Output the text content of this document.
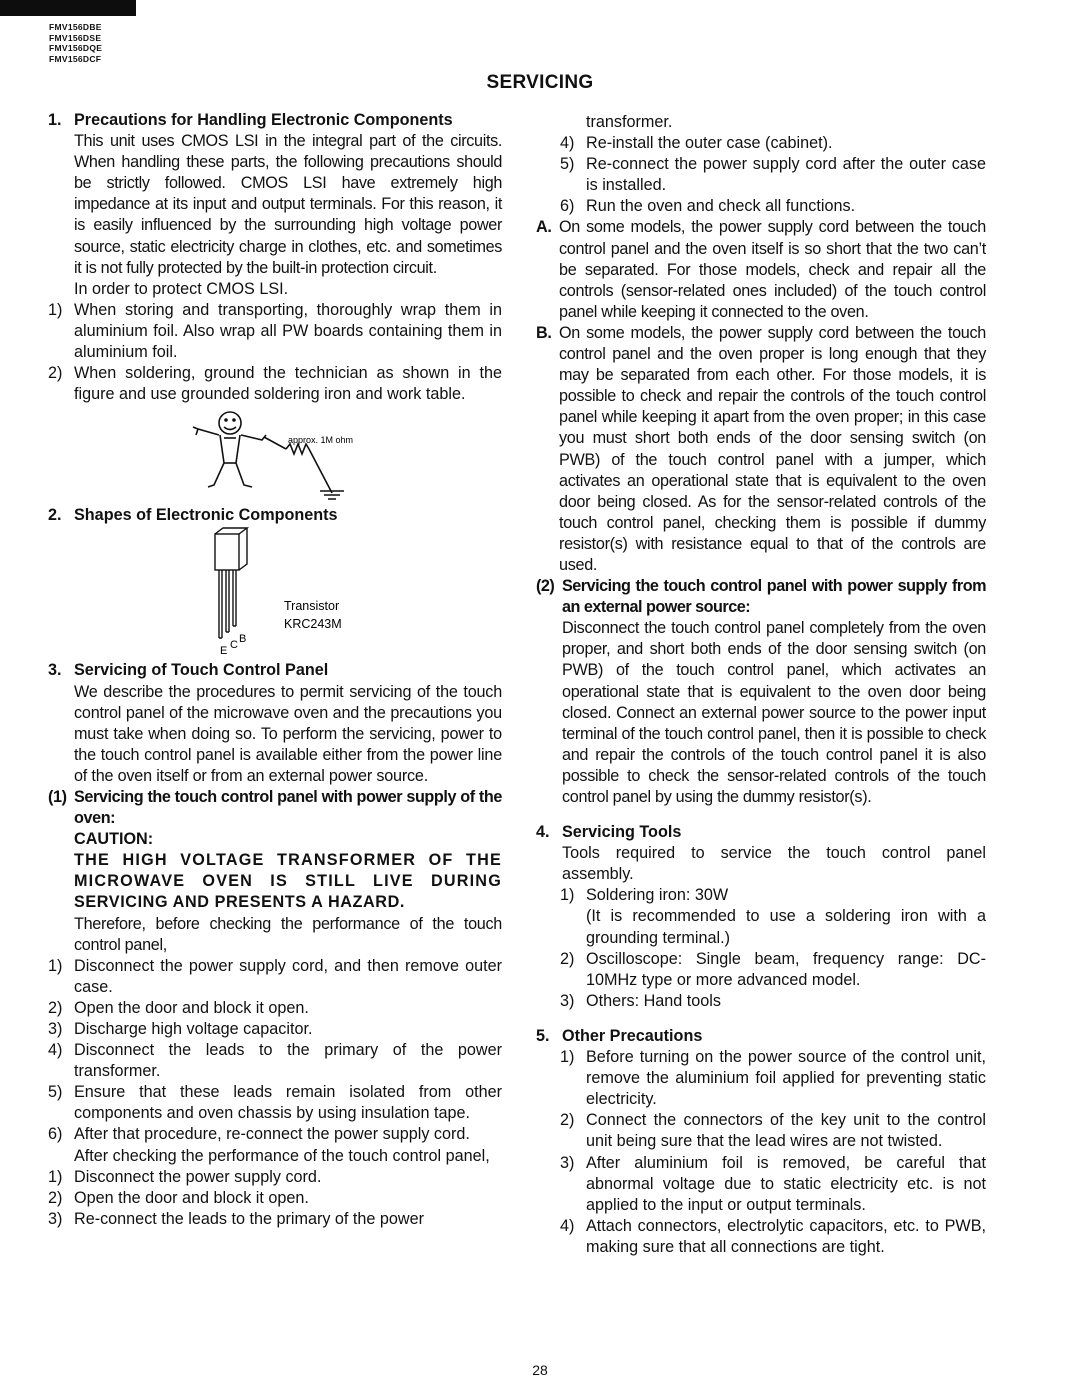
FMV156DBE
FMV156DSE
FMV156DQE
FMV156DCF
SERVICING
1. Precautions for Handling Electronic Components
This unit uses CMOS LSI in the integral part of the circuits. When handling these parts, the following precautions should be strictly followed. CMOS LSI have extremely high impedance at its input and output terminals. For this reason, it is easily influenced by the surrounding high voltage power source, static electricity charge in clothes, etc. and sometimes it is not fully protected by the built-in protection circuit.
In order to protect CMOS LSI.
1) When storing and transporting, thoroughly wrap them in aluminium foil. Also wrap all PW boards containing them in aluminium foil.
2) When soldering, ground the technician as shown in the figure and use grounded soldering iron and work table.
approx. 1M ohm
2. Shapes of Electronic Components
Transistor
KRC243M
E C B
3. Servicing of Touch Control Panel
We describe the procedures to permit servicing of the touch control panel of the microwave oven and the precautions you must take when doing so. To perform the servicing, power to the touch control panel is available either from the power line of the oven itself or from an external power source.
(1) Servicing the touch control panel with power supply of the oven:
CAUTION:
THE HIGH VOLTAGE TRANSFORMER OF THE
MICROWAVE OVEN IS STILL LIVE DURING
SERVICING AND PRESENTS A HAZARD.
Therefore, before checking the performance of the touch control panel,
1) Disconnect the power supply cord, and then remove outer case.
2) Open the door and block it open.
3) Discharge high voltage capacitor.
4) Disconnect the leads to the primary of the power transformer.
5) Ensure that these leads remain isolated from other components and oven chassis by using insulation tape.
6) After that procedure, re-connect the power supply cord.
After checking the performance of the touch control panel,
1) Disconnect the power supply cord.
2) Open the door and block it open.
3) Re-connect the leads to the primary of the power
transformer.
4) Re-install the outer case (cabinet).
5) Re-connect the power supply cord after the outer case is installed.
6) Run the oven and check all functions.
A. On some models, the power supply cord between the touch control panel and the oven itself is so short that the two can’t be separated. For those models, check and repair all the controls (sensor-related ones included) of the touch control panel while keeping it connected to the oven.
B. On some models, the power supply cord between the touch control panel and the oven proper is long enough that they may be separated from each other. For those models, it is possible to check and repair the controls of the touch control panel while keeping it apart from the oven proper; in this case you must short both ends of the door sensing switch (on PWB) of the touch control panel with a jumper, which activates an operational state that is equivalent to the oven door being closed. As for the sensor-related controls of the touch control panel, checking them is possible if dummy resistor(s) with resistance equal to that of the controls are used.
(2) Servicing the touch control panel with power supply from an external power source:
Disconnect the touch control panel completely from the oven proper, and short both ends of the door sensing switch (on PWB) of the touch control panel, which activates an operational state that is equivalent to the oven door being closed. Connect an external power source to the power input terminal of the touch control panel, then it is possible to check and repair the controls of the touch control panel it is also possible to check the sensor-related controls of the touch control panel by using the dummy resistor(s).
4. Servicing Tools
Tools required to service the touch control panel assembly.
1) Soldering iron: 30W
(It is recommended to use a soldering iron with a grounding terminal.)
2) Oscilloscope: Single beam, frequency range: DC-10MHz type or more advanced model.
3) Others: Hand tools
5. Other Precautions
1) Before turning on the power source of the control unit, remove the aluminium foil applied for preventing static electricity.
2) Connect the connectors of the key unit to the control unit being sure that the lead wires are not twisted.
3) After aluminium foil is removed, be careful that abnormal voltage due to static electricity etc. is not applied to the input or output terminals.
4) Attach connectors, electrolytic capacitors, etc. to PWB, making sure that all connections are tight.
28
